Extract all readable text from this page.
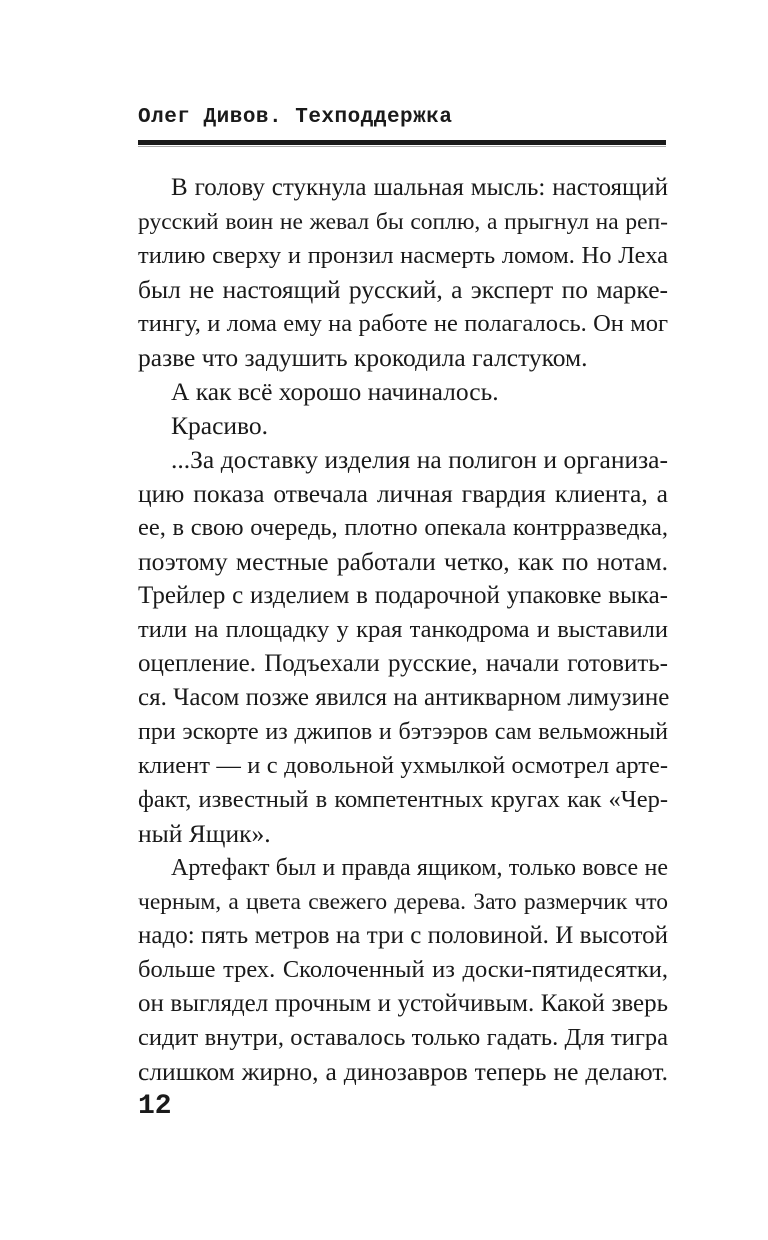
Олег Дивов. Техподдержка
В голову стукнула шальная мысль: настоящий
русский воин не жевал бы соплю, а прыгнул на реп-
тилию сверху и пронзил насмерть ломом. Но Леха
был не настоящий русский, а эксперт по марке-
тингу, и лома ему на работе не полагалось. Он мог
разве что задушить крокодила галстуком.
А как всё хорошо начиналось.
Красиво.
...За доставку изделия на полигон и организа-
цию показа отвечала личная гвардия клиента, а
ее, в свою очередь, плотно опекала контрразведка,
поэтому местные работали четко, как по нотам.
Трейлер с изделием в подарочной упаковке выка-
тили на площадку у края танкодрома и выставили
оцепление. Подъехали русские, начали готовить-
ся. Часом позже явился на антикварном лимузине
при эскорте из джипов и бэтээров сам вельможный
клиент — и с довольной ухмылкой осмотрел арте-
факт, известный в компетентных кругах как «Чер-
ный Ящик».
Артефакт был и правда ящиком, только вовсе не
черным, а цвета свежего дерева. Зато размерчик что
надо: пять метров на три с половиной. И высотой
больше трех. Сколоченный из доски-пятидесятки,
он выглядел прочным и устойчивым. Какой зверь
сидит внутри, оставалось только гадать. Для тигра
слишком жирно, а динозавров теперь не делают.
12
